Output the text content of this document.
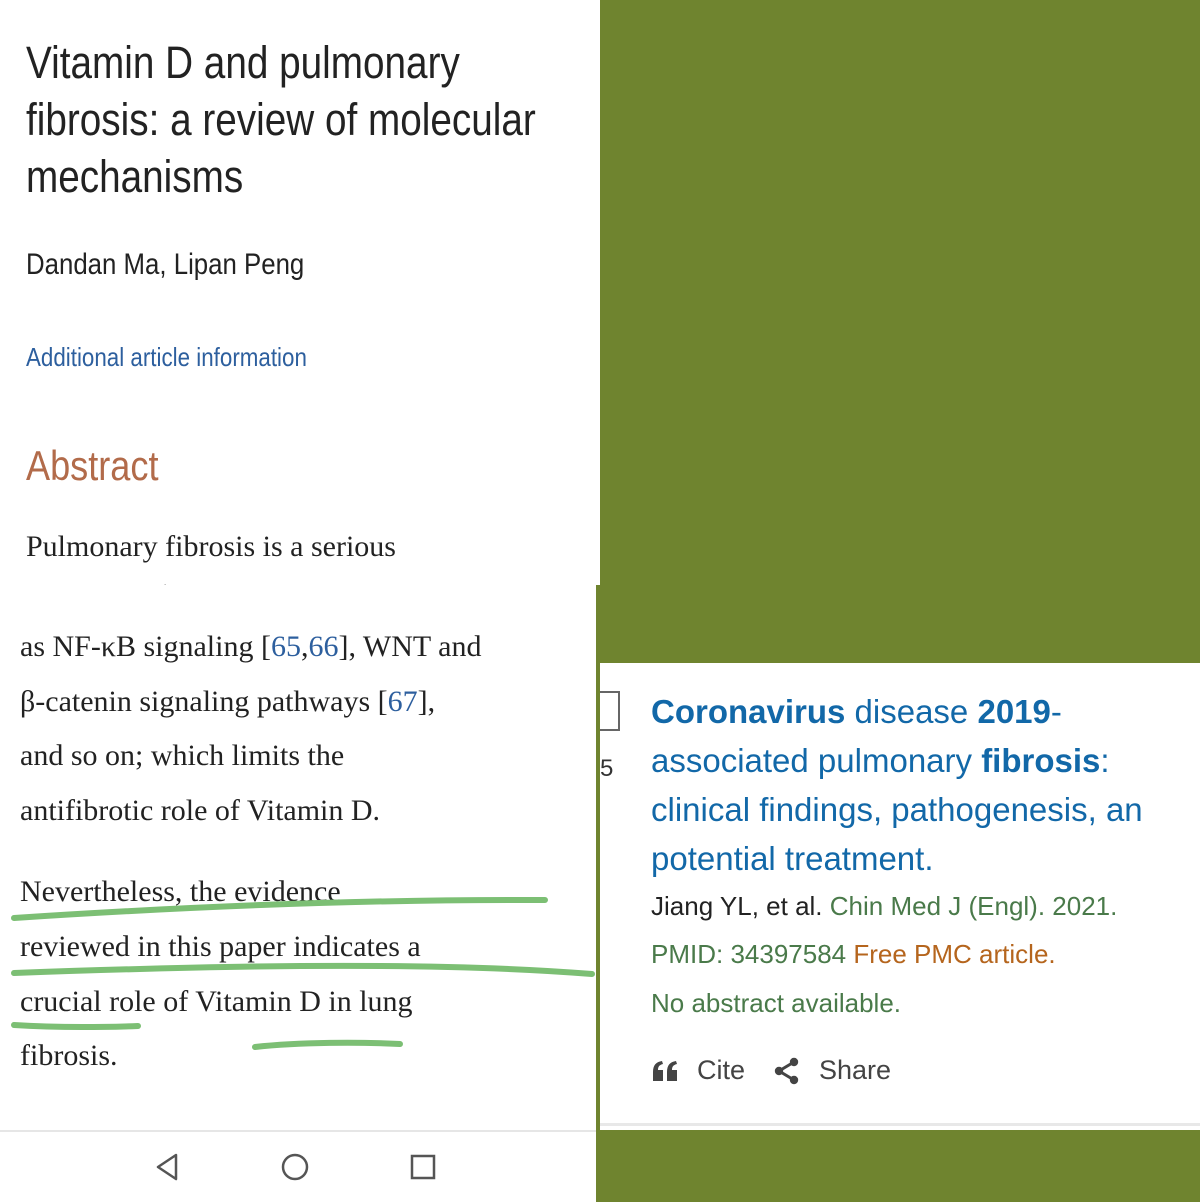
Vitamin D and pulmonary fibrosis: a review of molecular mechanisms
Dandan Ma, Lipan Peng
Additional article information
Abstract
Pulmonary fibrosis is a serious
as NF-κB signaling [65,66], WNT and
β-catenin signaling pathways [67],
and so on; which limits the
antifibrotic role of Vitamin D.
Nevertheless, the evidence
reviewed in this paper indicates a
crucial role of Vitamin D in lung
fibrosis.
5
Coronavirus disease 2019-
associated pulmonary fibrosis:
clinical findings, pathogenesis, an
potential treatment.
Jiang YL, et al. Chin Med J (Engl). 2021.
PMID: 34397584 Free PMC article.
No abstract available.
Cite	Share
